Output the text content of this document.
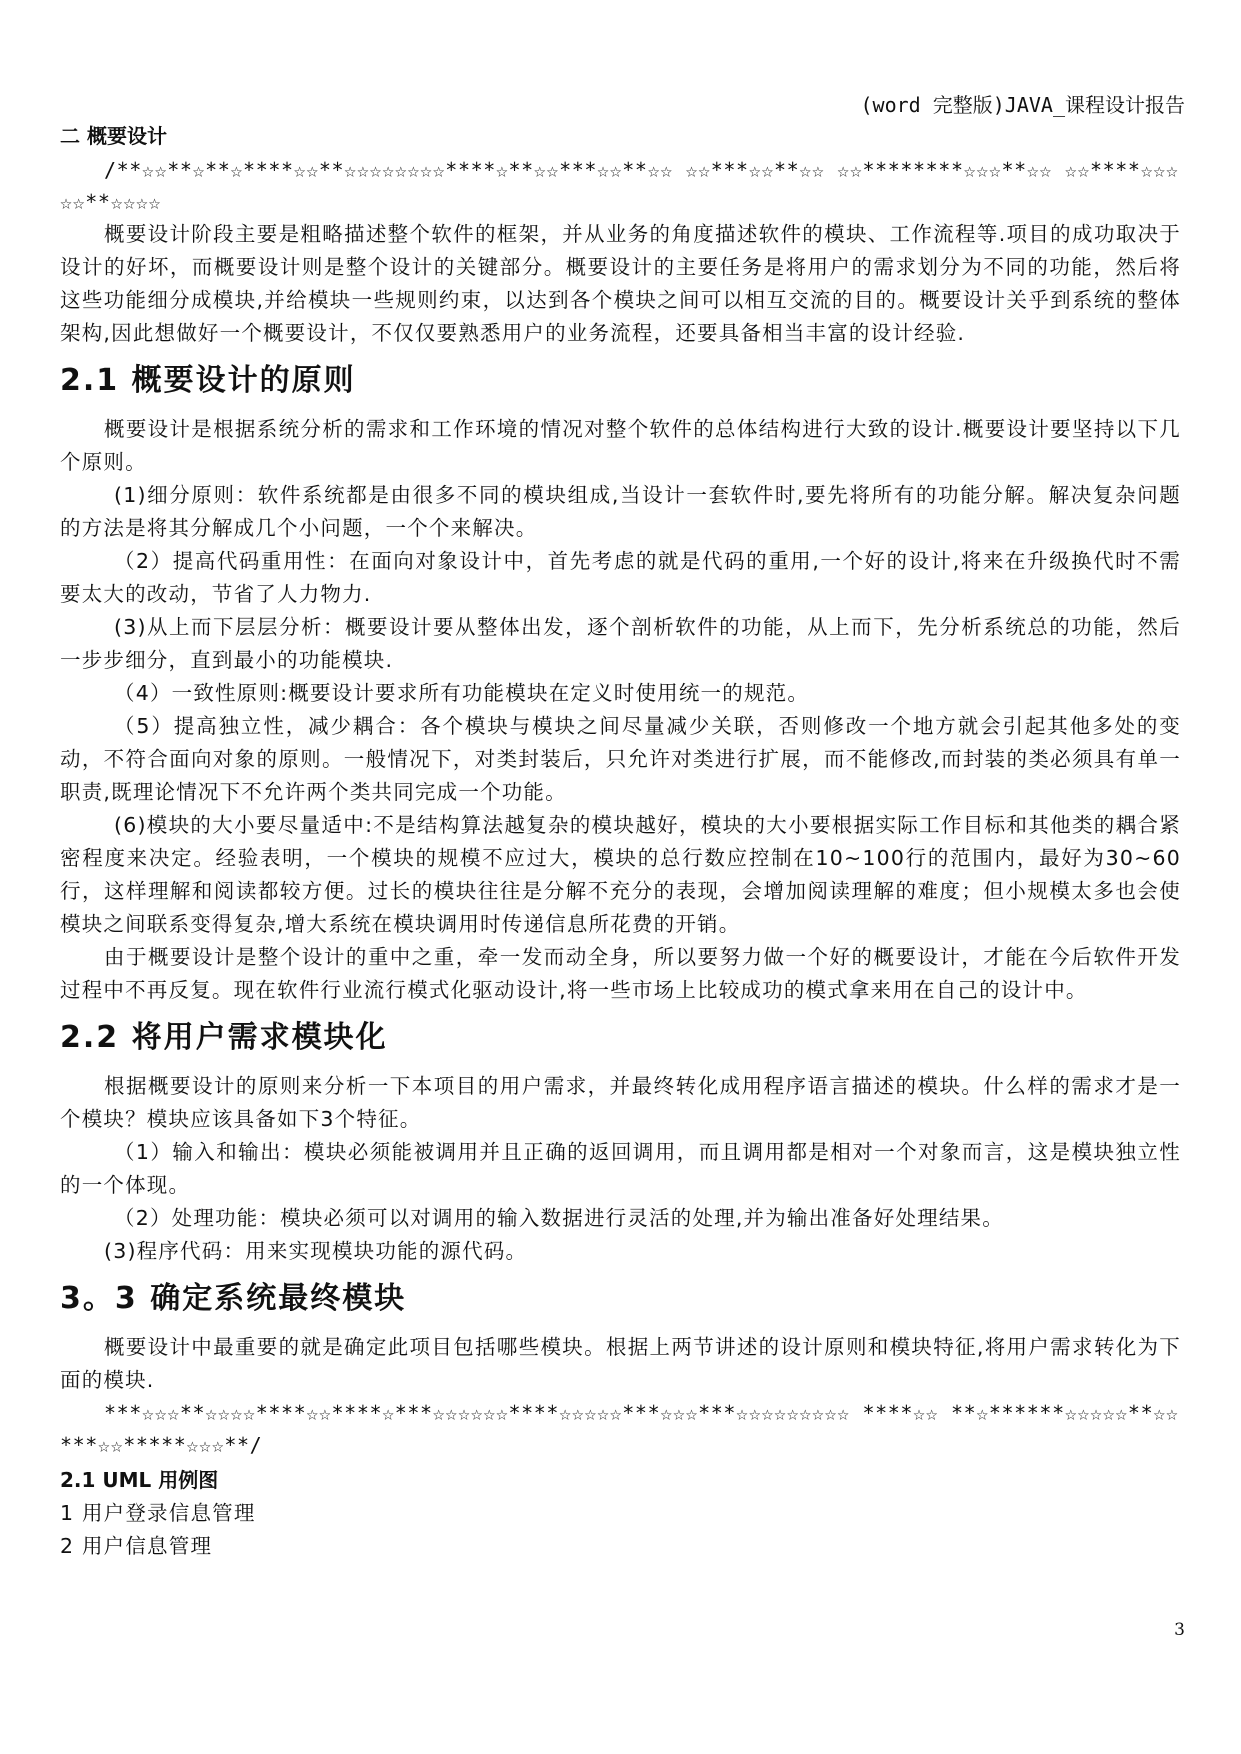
(word 完整版)JAVA_课程设计报告
二 概要设计
/**☆☆**☆**☆****☆☆**☆☆☆☆☆☆☆☆****☆**☆☆***☆☆**☆☆ ☆☆***☆☆**☆☆ ☆☆********☆☆☆**☆☆ ☆☆****☆☆☆☆☆**☆☆☆☆

概要设计阶段主要是粗略描述整个软件的框架，并从业务的角度描述软件的模块、工作流程等.项目的成功取决于设计的好坏，而概要设计则是整个设计的关键部分。概要设计的主要任务是将用户的需求划分为不同的功能，然后将这些功能细分成模块,并给模块一些规则约束，以达到各个模块之间可以相互交流的目的。概要设计关乎到系统的整体架构,因此想做好一个概要设计，不仅仅要熟悉用户的业务流程，还要具备相当丰富的设计经验.

2.1 概要设计的原则

概要设计是根据系统分析的需求和工作环境的情况对整个软件的总体结构进行大致的设计.概要设计要坚持以下几个原则。

(1)细分原则：软件系统都是由很多不同的模块组成,当设计一套软件时,要先将所有的功能分解。解决复杂问题的方法是将其分解成几个小问题，一个个来解决。

（2）提高代码重用性：在面向对象设计中，首先考虑的就是代码的重用,一个好的设计,将来在升级换代时不需要太大的改动，节省了人力物力.

(3)从上而下层层分析：概要设计要从整体出发，逐个剖析软件的功能，从上而下，先分析系统总的功能，然后一步步细分，直到最小的功能模块.

（4）一致性原则:概要设计要求所有功能模块在定义时使用统一的规范。

（5）提高独立性，减少耦合：各个模块与模块之间尽量减少关联，否则修改一个地方就会引起其他多处的变动，不符合面向对象的原则。一般情况下，对类封装后，只允许对类进行扩展，而不能修改,而封装的类必须具有单一职责,既理论情况下不允许两个类共同完成一个功能。

(6)模块的大小要尽量适中:不是结构算法越复杂的模块越好，模块的大小要根据实际工作目标和其他类的耦合紧密程度来决定。经验表明，一个模块的规模不应过大，模块的总行数应控制在10~100行的范围内，最好为30~60行，这样理解和阅读都较方便。过长的模块往往是分解不充分的表现，会增加阅读理解的难度；但小规模太多也会使模块之间联系变得复杂,增大系统在模块调用时传递信息所花费的开销。

由于概要设计是整个设计的重中之重，牵一发而动全身，所以要努力做一个好的概要设计，才能在今后软件开发过程中不再反复。现在软件行业流行模式化驱动设计,将一些市场上比较成功的模式拿来用在自己的设计中。

2.2 将用户需求模块化

根据概要设计的原则来分析一下本项目的用户需求，并最终转化成用程序语言描述的模块。什么样的需求才是一个模块？模块应该具备如下3个特征。

（1）输入和输出：模块必须能被调用并且正确的返回调用，而且调用都是相对一个对象而言，这是模块独立性的一个体现。

（2）处理功能：模块必须可以对调用的输入数据进行灵活的处理,并为输出准备好处理结果。

(3)程序代码：用来实现模块功能的源代码。

3。3 确定系统最终模块

概要设计中最重要的就是确定此项目包括哪些模块。根据上两节讲述的设计原则和模块特征,将用户需求转化为下面的模块.

***☆☆☆**☆☆☆☆****☆☆****☆***☆☆☆☆☆☆****☆☆☆☆☆***☆☆☆***☆☆☆☆☆☆☆☆☆ ****☆☆ **☆******☆☆☆☆☆**☆☆***☆☆*****☆☆☆**/
2.1 UML 用例图
1 用户登录信息管理
2 用户信息管理
3
